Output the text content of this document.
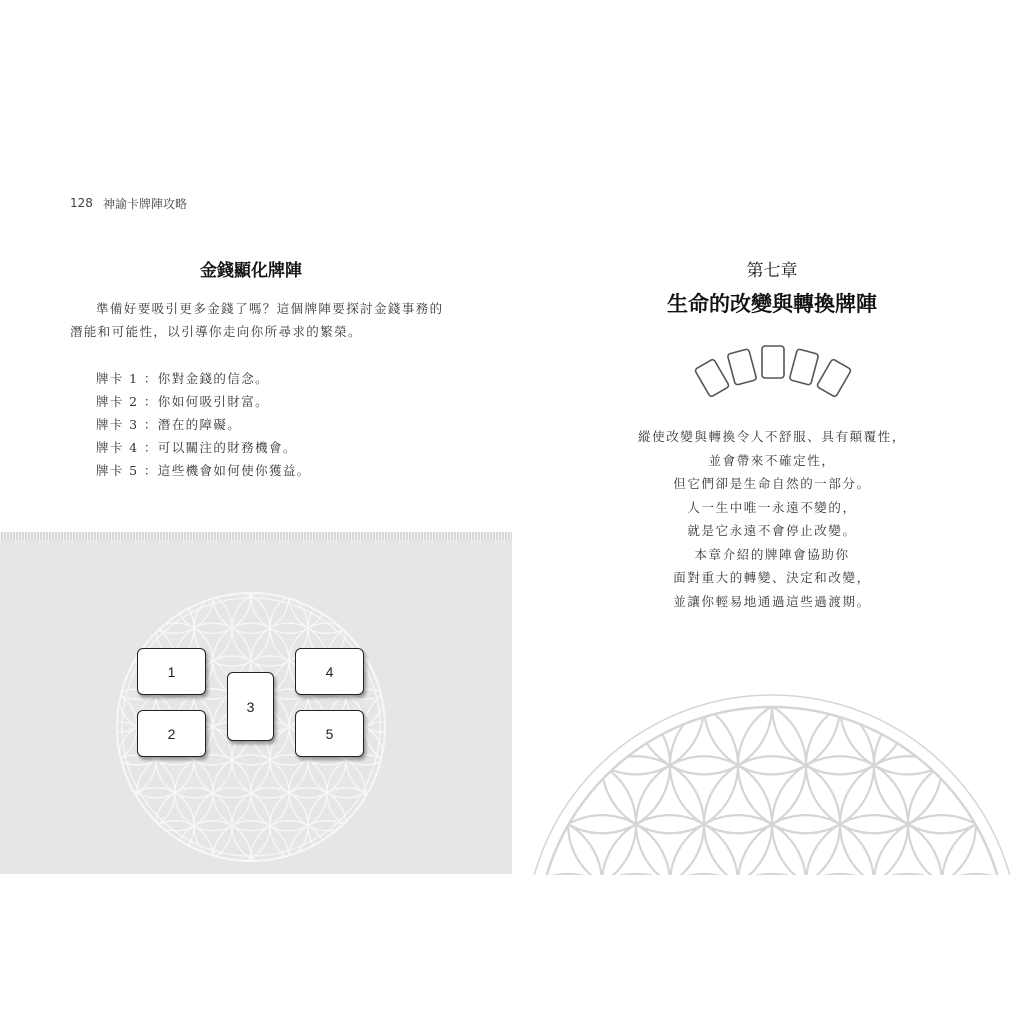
128 神諭卡牌陣攻略
金錢顯化牌陣
準備好要吸引更多金錢了嗎？這個牌陣要探討金錢事務的
潛能和可能性，以引導你走向你所尋求的繁榮。
牌卡 1 ：你對金錢的信念。
牌卡 2 ：你如何吸引財富。
牌卡 3 ：潛在的障礙。
牌卡 4 ：可以關注的財務機會。
牌卡 5 ：這些機會如何使你獲益。
1
2
3
4
5
第七章
生命的改變與轉換牌陣
縱使改變與轉換令人不舒服、具有顛覆性，
並會帶來不確定性，
但它們卻是生命自然的一部分。
人一生中唯一永遠不變的，
就是它永遠不會停止改變。
本章介紹的牌陣會協助你
面對重大的轉變、決定和改變，
並讓你輕易地通過這些過渡期。
